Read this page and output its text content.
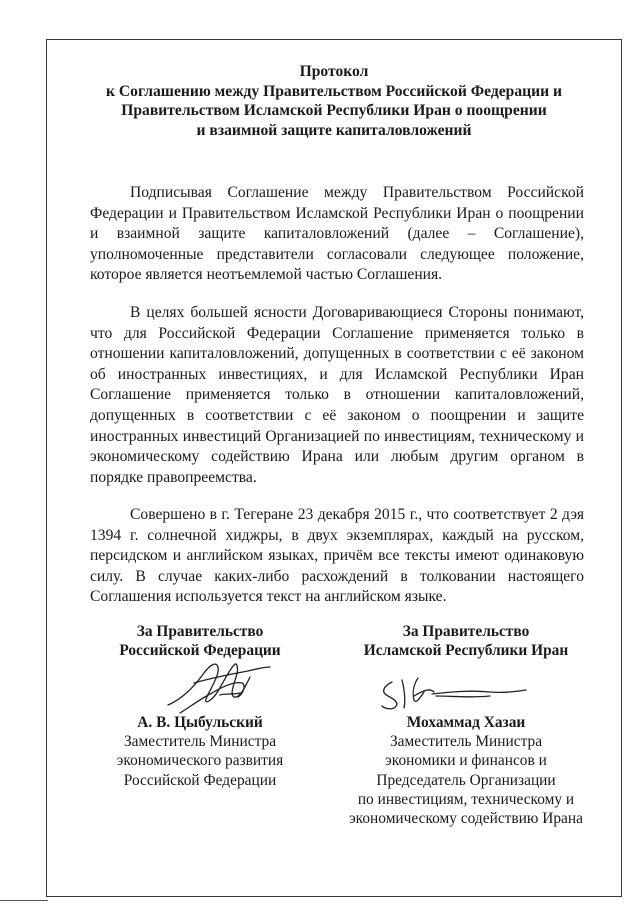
Протокол
к Соглашению между Правительством Российской Федерации и
Правительством Исламской Республики Иран о поощрении
и взаимной защите капиталовложений
Подписывая Соглашение между Правительством Российской Федерации и Правительством Исламской Республики Иран о поощрении и взаимной защите капиталовложений (далее – Соглашение), уполномоченные представители согласовали следующее положение, которое является неотъемлемой частью Соглашения.
В целях большей ясности Договаривающиеся Стороны понимают, что для Российской Федерации Соглашение применяется только в отношении капиталовложений, допущенных в соответствии с её законом об иностранных инвестициях, и для Исламской Республики Иран Соглашение применяется только в отношении капиталовложений, допущенных в соответствии с её законом о поощрении и защите иностранных инвестиций Организацией по инвестициям, техническому и экономическому содействию Ирана или любым другим органом в порядке правопреемства.
Совершено в г. Тегеране 23 декабря 2015 г., что соответствует 2 дэя 1394 г. солнечной хиджры, в двух экземплярах, каждый на русском, персидском и английском языках, причём все тексты имеют одинаковую силу. В случае каких-либо расхождений в толковании настоящего Соглашения используется текст на английском языке.
За Правительство
Российской Федерации
А. В. Цыбульский
Заместитель Министра
экономического развития
Российской Федерации
За Правительство
Исламской Республики Иран
Мохаммад Хазаи
Заместитель Министра
экономики и финансов и
Председатель Организации
по инвестициям, техническому и
экономическому содействию Ирана
